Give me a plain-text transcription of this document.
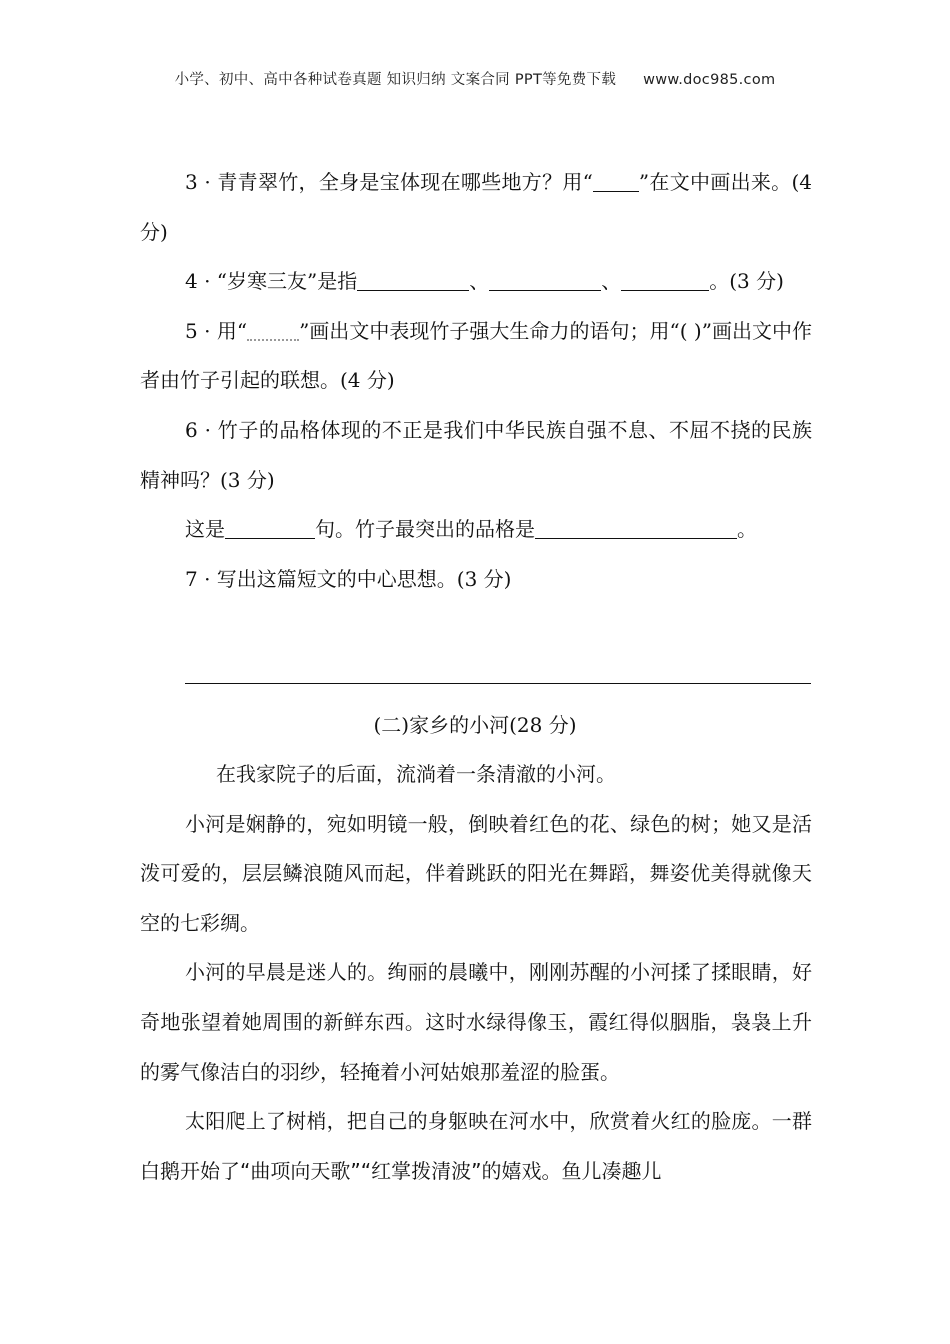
小学、初中、高中各种试卷真题 知识归纳 文案合同 PPT等免费下载 www.doc985.com

3 · 青青翠竹，全身是宝体现在哪些地方？用“ ”在文中画出来。(4 分)

4 · “岁寒三友”是指	、	、	。(3 分)

5 · 用“	”画出文中表现竹子强大生命力的语句；用“( )”画出文中作者由竹子引起的联想。(4 分)

6 · 竹子的品格体现的不正是我们中华民族自强不息、不屈不挠的民族精神吗？(3 分)

这是	句。竹子最突出的品格是	。

7 · 写出这篇短文的中心思想。(3 分)

(二)家乡的小河(28 分)

在我家院子的后面，流淌着一条清澈的小河。

小河是娴静的，宛如明镜一般，倒映着红色的花、绿色的树；她又是活泼可爱的，层层鳞浪随风而起，伴着跳跃的阳光在舞蹈，舞姿优美得就像天空的七彩绸。

小河的早晨是迷人的。绚丽的晨曦中，刚刚苏醒的小河揉了揉眼睛，好奇地张望着她周围的新鲜东西。这时水绿得像玉，霞红得似胭脂，袅袅上升的雾气像洁白的羽纱，轻掩着小河姑娘那羞涩的脸蛋。

太阳爬上了树梢，把自己的身躯映在河水中，欣赏着火红的脸庞。一群白鹅开始了“曲项向天歌”“红掌拨清波”的嬉戏。鱼儿凑趣儿
